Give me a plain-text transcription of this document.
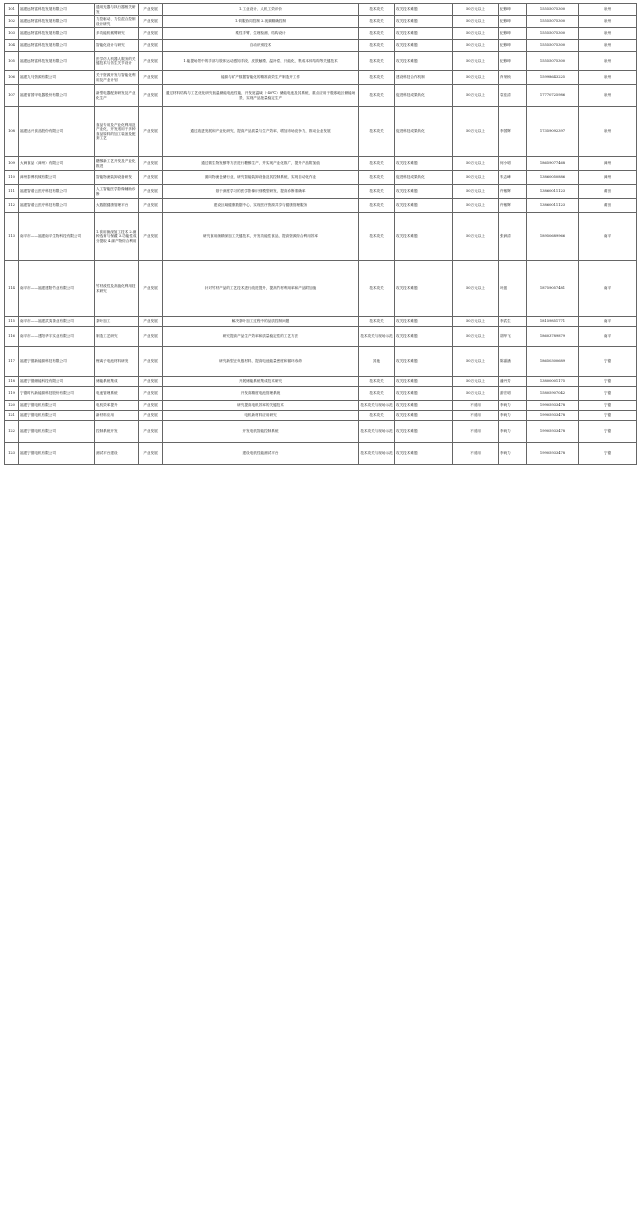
101	福建远特富科技发展有限公司	通用光器与执行器相关研发	产业发展	1.工业设计、人机工效评价	技术攻关	攻关技术难题	50万元以上	纪修坤	15555075300	泉州
102	福建远特富科技发展有限公司	力控驱动、力位混合控制设计研究	产业发展	1.伺服协同控制 2.视频精确控制	技术攻关	攻关技术难题	50万元以上	纪修坤	15555075300	泉州
103	福建远特富科技发展有限公司	多功能机械臂研究	产业发展	柔性手臂、生理检测、结构设计	技术攻关	攻关技术难题	50万元以上	纪修坤	15555075300	泉州
104	福建远特富科技发展有限公司	智能化设计与研究	产业发展	自动识别技术	技术攻关	攻关技术难题	50万元以上	纪修坤	15555075300	泉州
105	福建远特富科技发展有限公司	医学仿人机器人服务的关键技术与仿生关节设计	产业发展	1.能提场景中的手部与肢体运动感知手段、皮肤触摸、温补偿、只能化、集成本体结构等关键技术	技术攻关	攻关技术难题	50万元以上	纪修坤	15555075300	泉州
106	福建九马资源有限公司	关于资源开发与智能化利用及产业计划	产业发展	能源与矿产数据智能化的精准高效生产制造开工作	技术攻关	建设科技合作机制	50万元以上	肖荣桢	15998643225	泉州
107	福建省国甲电器股份有限公司	新型电器配套研发及产业化生产	产业发展	通过材料结构与工艺优化研究低温储能电池性能，开发宽温域（-40℃）储能电池及其系统，重点应用于极寒地区储能场景，实现产品批量稳定生产	技术攻关	促进科技成果转化	50万元以上	袁佳清	17770725986	泉州
108	福建达兴食品股份有限公司	食品专用及产业化利用及产业化，开发适用于多种食品原料的加工装备及配套工艺	产业发展	通过改进发展和产业化研究，提高产品质量与生产效率，增加市场竞争力，推动企业发展	技术攻关	促进科技成果转化	50万元以上	李国辉	17359092397	泉州
109	大闽食品（漳州）有限公司	糖醇新工艺开发及产业化推进	产业发展	通过微生物发酵等方法进行糖醇生产，并实现产业化推广，提升产品附加值	技术攻关	攻关技术难题	50万元以上	何小明	18659077468	漳州
110	漳州泰博机械有限公司	智能物流装卸设备研发	产业发展	面向物流仓储行业，研究智能装卸设备及其控制系统，实现自动化作业	技术攻关	促进科技成果转化	50万元以上	朱志峰	13860050886	漳州
111	福建智谱云医疗科技有限公司	人工智能医学影像辅助诊断	产业发展	基于深度学习的医学影像识别模型研发，提高诊断准确率	技术攻关	攻关技术难题	50万元以上	许敏辉	13860011123	莆田
112	福建智谱云医疗科技有限公司	大数据健康管理平台	产业发展	建设区域健康数据中心，实现医疗资源共享与健康管理服务	技术攻关	攻关技术难题	50万元以上	许敏辉	13860011123	莆田
113	南平市——福建南平生物科技有限公司	1.食用菌深加工技术 2.菌种选育与保藏 3.功能性成分提取 4.副产物综合利用	产业发展	研究食用菌精深加工关键技术，开发功能性食品，提高资源综合利用效率	技术攻关	攻关技术难题	50万元以上	张润清	18950689966	南平
114	南平市——福建建阳竹业有限公司	竹材改性及高值化利用技术研究	产业发展	针对竹材产品的工艺技术进行改进提升，提高竹材利用率和产品附加值	技术攻关	攻关技术难题	50万元以上	叶振	18759057481	南平
115	南平市——福建武夷茶业有限公司	茶叶加工	产业发展	解决茶叶加工过程中的品质控制问题	技术攻关	攻关技术难题	50万元以上	李武生	18159851771	南平
116	南平市——建阳华宇实业有限公司	制造工艺研究	产业发展	研究提高产品生产效率和质量稳定性的工艺方法	技术攻关与现场示范	攻关技术难题	50万元以上	胡华飞	18603789879	南平
117	福建宁德新能源科技有限公司	锂离子电池材料研发	产业发展	研究新型正负极材料，提高电池能量密度和循环寿命	其他	攻关技术难题	50万元以上	陈嘉涵	18650300689	宁德
118	福建宁德储能科技有限公司	储能系统集成	产业发展	开展储能系统集成技术研究	技术攻关	攻关技术难题	50万元以上	潘丹芳	13800001175	宁德
119	宁德时代新能源科技股份有限公司	电池管理系统	产业发展	开发高精度电池管理系统	技术攻关	攻关技术难题	50万元以上	游宏明	15805907042	宁德
120	福建宁德电机有限公司	电机效率提升	产业发展	研究提高电机效率的关键技术	技术攻关与现场示范	攻关技术难题	不适用	李尚力	19905933478	宁德
121	福建宁德电机有限公司	新材料应用	产业发展	电机新材料应用研究	技术攻关	攻关技术难题	不适用	李尚力	19905933478	宁德
122	福建宁德电机有限公司	控制系统开发	产业发展	开发电机智能控制系统	技术攻关与现场示范	攻关技术难题	不适用	李尚力	19905933478	宁德
123	福建宁德电机有限公司	测试平台建设	产业发展	建设电机性能测试平台	技术攻关与现场示范	攻关技术难题	不适用	李尚力	19905933478	宁德
